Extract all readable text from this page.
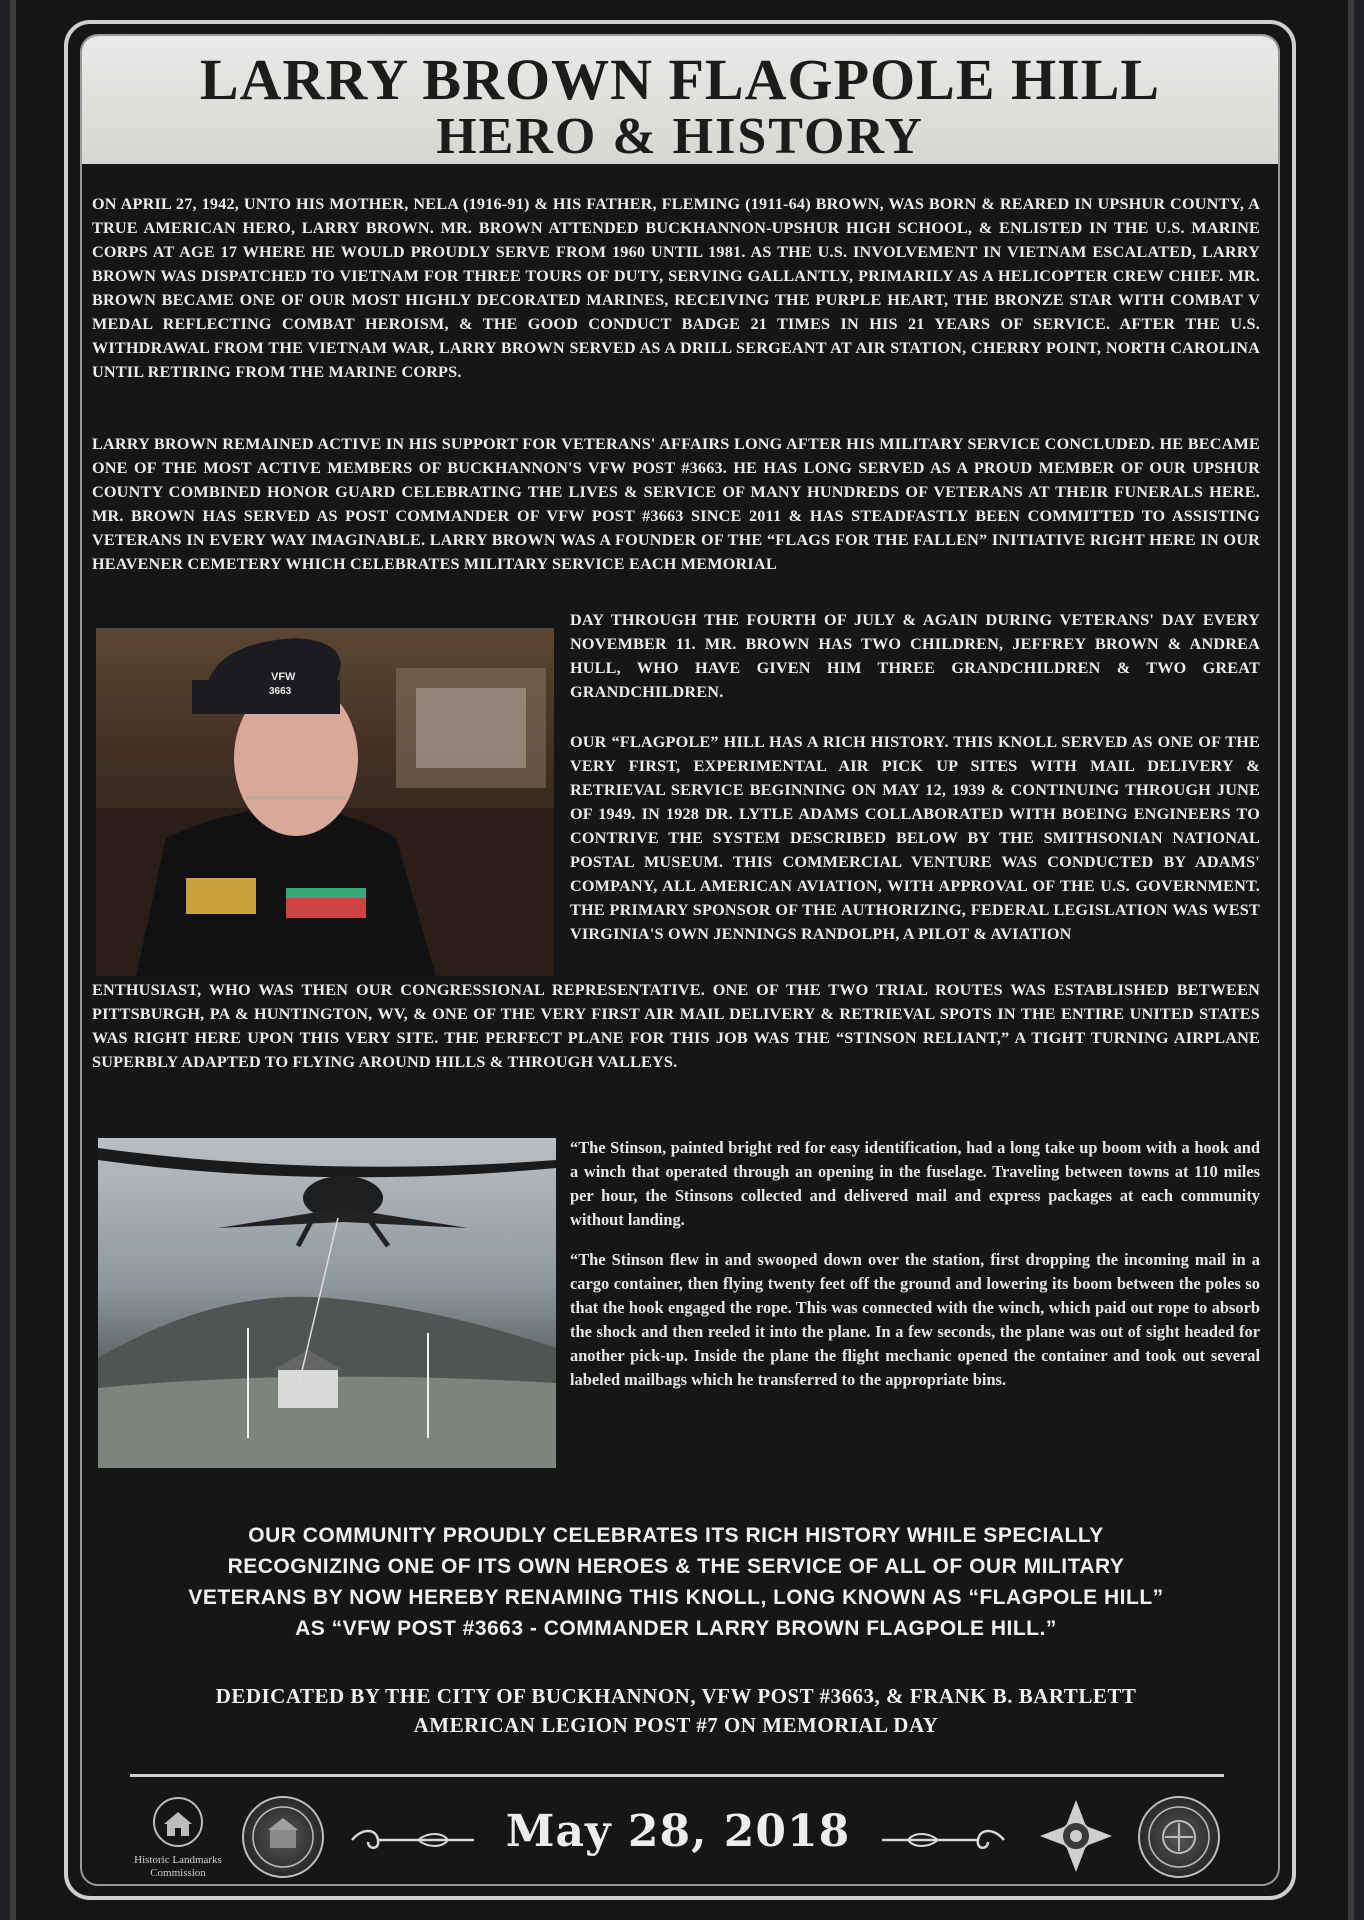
LARRY BROWN FLAGPOLE HILL
HERO & HISTORY

ON APRIL 27, 1942, UNTO HIS MOTHER, NELA (1916-91) & HIS FATHER, FLEMING (1911-64) BROWN, WAS BORN & REARED IN UPSHUR COUNTY, A TRUE AMERICAN HERO, LARRY BROWN. MR. BROWN ATTENDED BUCKHANNON-UPSHUR HIGH SCHOOL, & ENLISTED IN THE U.S. MARINE CORPS AT AGE 17 WHERE HE WOULD PROUDLY SERVE FROM 1960 UNTIL 1981. AS THE U.S. INVOLVEMENT IN VIETNAM ESCALATED, LARRY BROWN WAS DISPATCHED TO VIETNAM FOR THREE TOURS OF DUTY, SERVING GALLANTLY, PRIMARILY AS A HELICOPTER CREW CHIEF. MR. BROWN BECAME ONE OF OUR MOST HIGHLY DECORATED MARINES, RECEIVING THE PURPLE HEART, THE BRONZE STAR WITH COMBAT V MEDAL REFLECTING COMBAT HEROISM, & THE GOOD CONDUCT BADGE 21 TIMES IN HIS 21 YEARS OF SERVICE. AFTER THE U.S. WITHDRAWAL FROM THE VIETNAM WAR, LARRY BROWN SERVED AS A DRILL SERGEANT AT AIR STATION, CHERRY POINT, NORTH CAROLINA UNTIL RETIRING FROM THE MARINE CORPS.

LARRY BROWN REMAINED ACTIVE IN HIS SUPPORT FOR VETERANS' AFFAIRS LONG AFTER HIS MILITARY SERVICE CONCLUDED. HE BECAME ONE OF THE MOST ACTIVE MEMBERS OF BUCKHANNON'S VFW POST #3663. HE HAS LONG SERVED AS A PROUD MEMBER OF OUR UPSHUR COUNTY COMBINED HONOR GUARD CELEBRATING THE LIVES & SERVICE OF MANY HUNDREDS OF VETERANS AT THEIR FUNERALS HERE. MR. BROWN HAS SERVED AS POST COMMANDER OF VFW POST #3663 SINCE 2011 & HAS STEADFASTLY BEEN COMMITTED TO ASSISTING VETERANS IN EVERY WAY IMAGINABLE. LARRY BROWN WAS A FOUNDER OF THE “FLAGS FOR THE FALLEN” INITIATIVE RIGHT HERE IN OUR HEAVENER CEMETERY WHICH CELEBRATES MILITARY SERVICE EACH MEMORIAL

VFW
3663

DAY THROUGH THE FOURTH OF JULY & AGAIN DURING VETERANS' DAY EVERY NOVEMBER 11. MR. BROWN HAS TWO CHILDREN, JEFFREY BROWN & ANDREA HULL, WHO HAVE GIVEN HIM THREE GRANDCHILDREN & TWO GREAT GRANDCHILDREN.

OUR “FLAGPOLE” HILL HAS A RICH HISTORY. THIS KNOLL SERVED AS ONE OF THE VERY FIRST, EXPERIMENTAL AIR PICK UP SITES WITH MAIL DELIVERY & RETRIEVAL SERVICE BEGINNING ON MAY 12, 1939 & CONTINUING THROUGH JUNE OF 1949. IN 1928 DR. LYTLE ADAMS COLLABORATED WITH BOEING ENGINEERS TO CONTRIVE THE SYSTEM DESCRIBED BELOW BY THE SMITHSONIAN NATIONAL POSTAL MUSEUM. THIS COMMERCIAL VENTURE WAS CONDUCTED BY ADAMS' COMPANY, ALL AMERICAN AVIATION, WITH APPROVAL OF THE U.S. GOVERNMENT. THE PRIMARY SPONSOR OF THE AUTHORIZING, FEDERAL LEGISLATION WAS WEST VIRGINIA'S OWN JENNINGS RANDOLPH, A PILOT & AVIATION

ENTHUSIAST, WHO WAS THEN OUR CONGRESSIONAL REPRESENTATIVE. ONE OF THE TWO TRIAL ROUTES WAS ESTABLISHED BETWEEN PITTSBURGH, PA & HUNTINGTON, WV, & ONE OF THE VERY FIRST AIR MAIL DELIVERY & RETRIEVAL SPOTS IN THE ENTIRE UNITED STATES WAS RIGHT HERE UPON THIS VERY SITE. THE PERFECT PLANE FOR THIS JOB WAS THE “STINSON RELIANT,” A TIGHT TURNING AIRPLANE SUPERBLY ADAPTED TO FLYING AROUND HILLS & THROUGH VALLEYS.

“The Stinson, painted bright red for easy identification, had a long take up boom with a hook and a winch that operated through an opening in the fuselage. Traveling between towns at 110 miles per hour, the Stinsons collected and delivered mail and express packages at each community without landing.

“The Stinson flew in and swooped down over the station, first dropping the incoming mail in a cargo container, then flying twenty feet off the ground and lowering its boom between the poles so that the hook engaged the rope. This was connected with the winch, which paid out rope to absorb the shock and then reeled it into the plane. In a few seconds, the plane was out of sight headed for another pick-up. Inside the plane the flight mechanic opened the container and took out several labeled mailbags which he transferred to the appropriate bins.

OUR COMMUNITY PROUDLY CELEBRATES ITS RICH HISTORY WHILE SPECIALLY
RECOGNIZING ONE OF ITS OWN HEROES & THE SERVICE OF ALL OF OUR MILITARY
VETERANS BY NOW HEREBY RENAMING THIS KNOLL, LONG KNOWN AS “FLAGPOLE HILL”
AS “VFW POST #3663 - COMMANDER LARRY BROWN FLAGPOLE HILL.”
DEDICATED BY THE CITY OF BUCKHANNON, VFW POST #3663, & FRANK B. BARTLETT
AMERICAN LEGION POST #7 ON MEMORIAL DAY
Historic Landmarks
Commission
May 28, 2018
